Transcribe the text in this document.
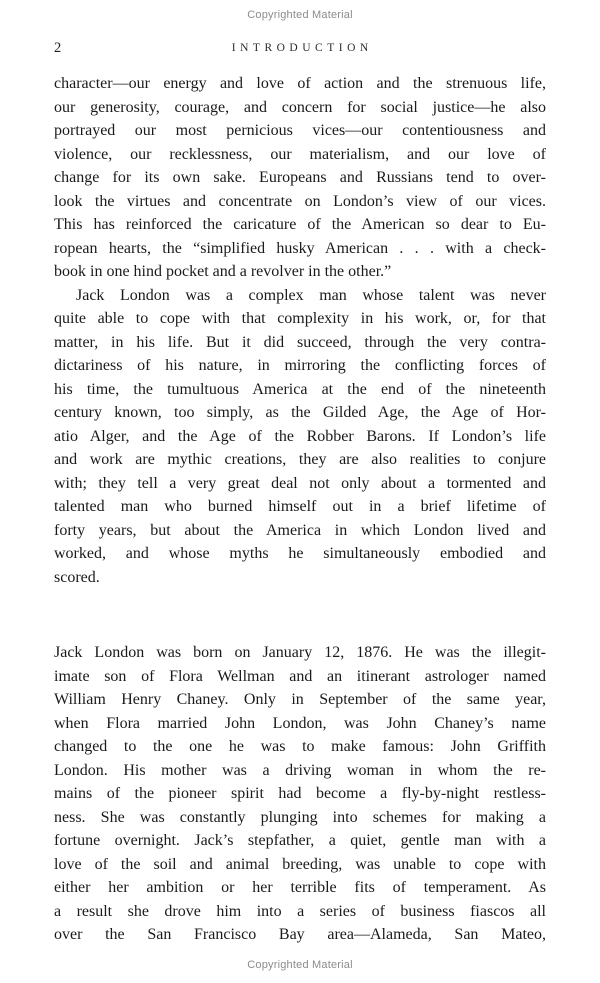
Copyrighted Material
2	INTRODUCTION
character—our energy and love of action and the strenuous life,
our generosity, courage, and concern for social justice—he also
portrayed our most pernicious vices—our contentiousness and
violence, our recklessness, our materialism, and our love of
change for its own sake. Europeans and Russians tend to over-
look the virtues and concentrate on London’s view of our vices.
This has reinforced the caricature of the American so dear to Eu-
ropean hearts, the “simplified husky American . . . with a check-
book in one hind pocket and a revolver in the other.”
Jack London was a complex man whose talent was never
quite able to cope with that complexity in his work, or, for that
matter, in his life. But it did succeed, through the very contra-
dictariness of his nature, in mirroring the conflicting forces of
his time, the tumultuous America at the end of the nineteenth
century known, too simply, as the Gilded Age, the Age of Hor-
atio Alger, and the Age of the Robber Barons. If London’s life
and work are mythic creations, they are also realities to conjure
with; they tell a very great deal not only about a tormented and
talented man who burned himself out in a brief lifetime of
forty years, but about the America in which London lived and
worked, and whose myths he simultaneously embodied and
scored.
Jack London was born on January 12, 1876. He was the illegit-
imate son of Flora Wellman and an itinerant astrologer named
William Henry Chaney. Only in September of the same year,
when Flora married John London, was John Chaney’s name
changed to the one he was to make famous: John Griffith
London. His mother was a driving woman in whom the re-
mains of the pioneer spirit had become a fly-by-night restless-
ness. She was constantly plunging into schemes for making a
fortune overnight. Jack’s stepfather, a quiet, gentle man with a
love of the soil and animal breeding, was unable to cope with
either her ambition or her terrible fits of temperament. As
a result she drove him into a series of business fiascos all
over the San Francisco Bay area—Alameda, San Mateo,
Copyrighted Material
